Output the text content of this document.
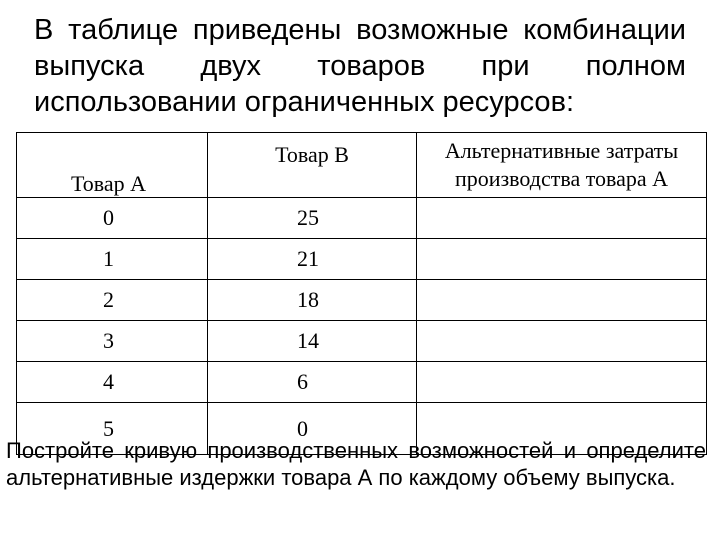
В таблице приведены возможные комбинации выпуска двух товаров при полном использовании ограниченных ресурсов:
Товар А	Товар В	Альтернативные затраты
производства товара А

0	25	
1	21	
2	18	
3	14	
4	6	
5	0	
Постройте кривую производственных возможностей и определите альтернативные издержки товара А по каждому объему выпуска.
